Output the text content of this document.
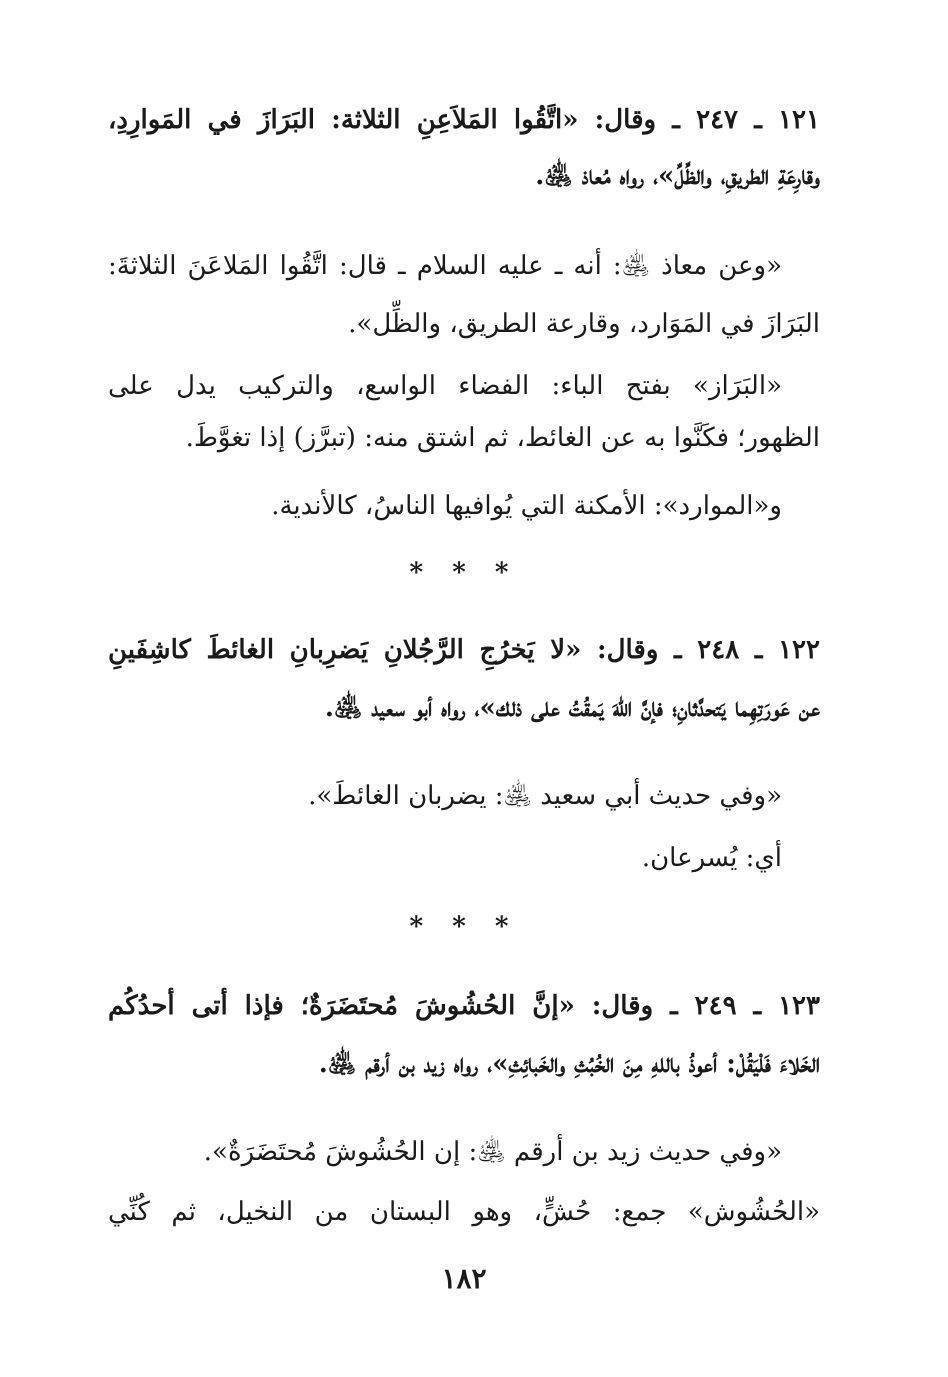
١٢١ ـ ٢٤٧ ـ وقال: «اتَّقُوا المَلاَعِنِ الثلاثة: البَرَازَ في المَوارِدِ،
وقارِعَةِ الطريقِ، والظِّلِّ»، رواه مُعاذ ﵁.
«وعن معاذ ﵁: أنه ـ عليه السلام ـ قال: اتَّقُوا المَلاعَنَ الثلاثةَ:
البَرَازَ في المَوَارد، وقارعة الطريق، والظِّل».
«البَرَاز» بفتح الباء: الفضاء الواسع، والتركيب يدل على
الظهور؛ فكَنَّوا به عن الغائط، ثم اشتق منه: (تبرَّز) إذا تغوَّطَ.
و«الموارد»: الأمكنة التي يُوافيها الناسُ، كالأندية.
* * *
١٢٢ ـ ٢٤٨ ـ وقال: «لا يَخرُجِ الرَّجُلانِ يَضرِبانِ الغائطَ كاشِفَينِ
عن عَورَتِهِما يَتحدَّثانِ؛ فإنَّ اللهَ يَمقُتُ على ذلك»، رواه أبو سعيد ﵁.
«وفي حديث أبي سعيد ﵁: يضربان الغائطَ».
أي: يُسرعان.
* * *
١٢٣ ـ ٢٤٩ ـ وقال: «إنَّ الحُشُوشَ مُحتَضَرَةٌ؛ فإذا أتى أحدُكُم
الخَلاءَ فَلْيَقُلْ: أعوذُ باللهِ مِنَ الخُبُثِ والخَبائِثِ»، رواه زيد بن أرقم ﵁.
«وفي حديث زيد بن أرقم ﵁: إن الحُشُوشَ مُحتَضَرَةٌ».
«الحُشُوش» جمع: حُشٍّ، وهو البستان من النخيل، ثم كُنِّي
١٨٢
